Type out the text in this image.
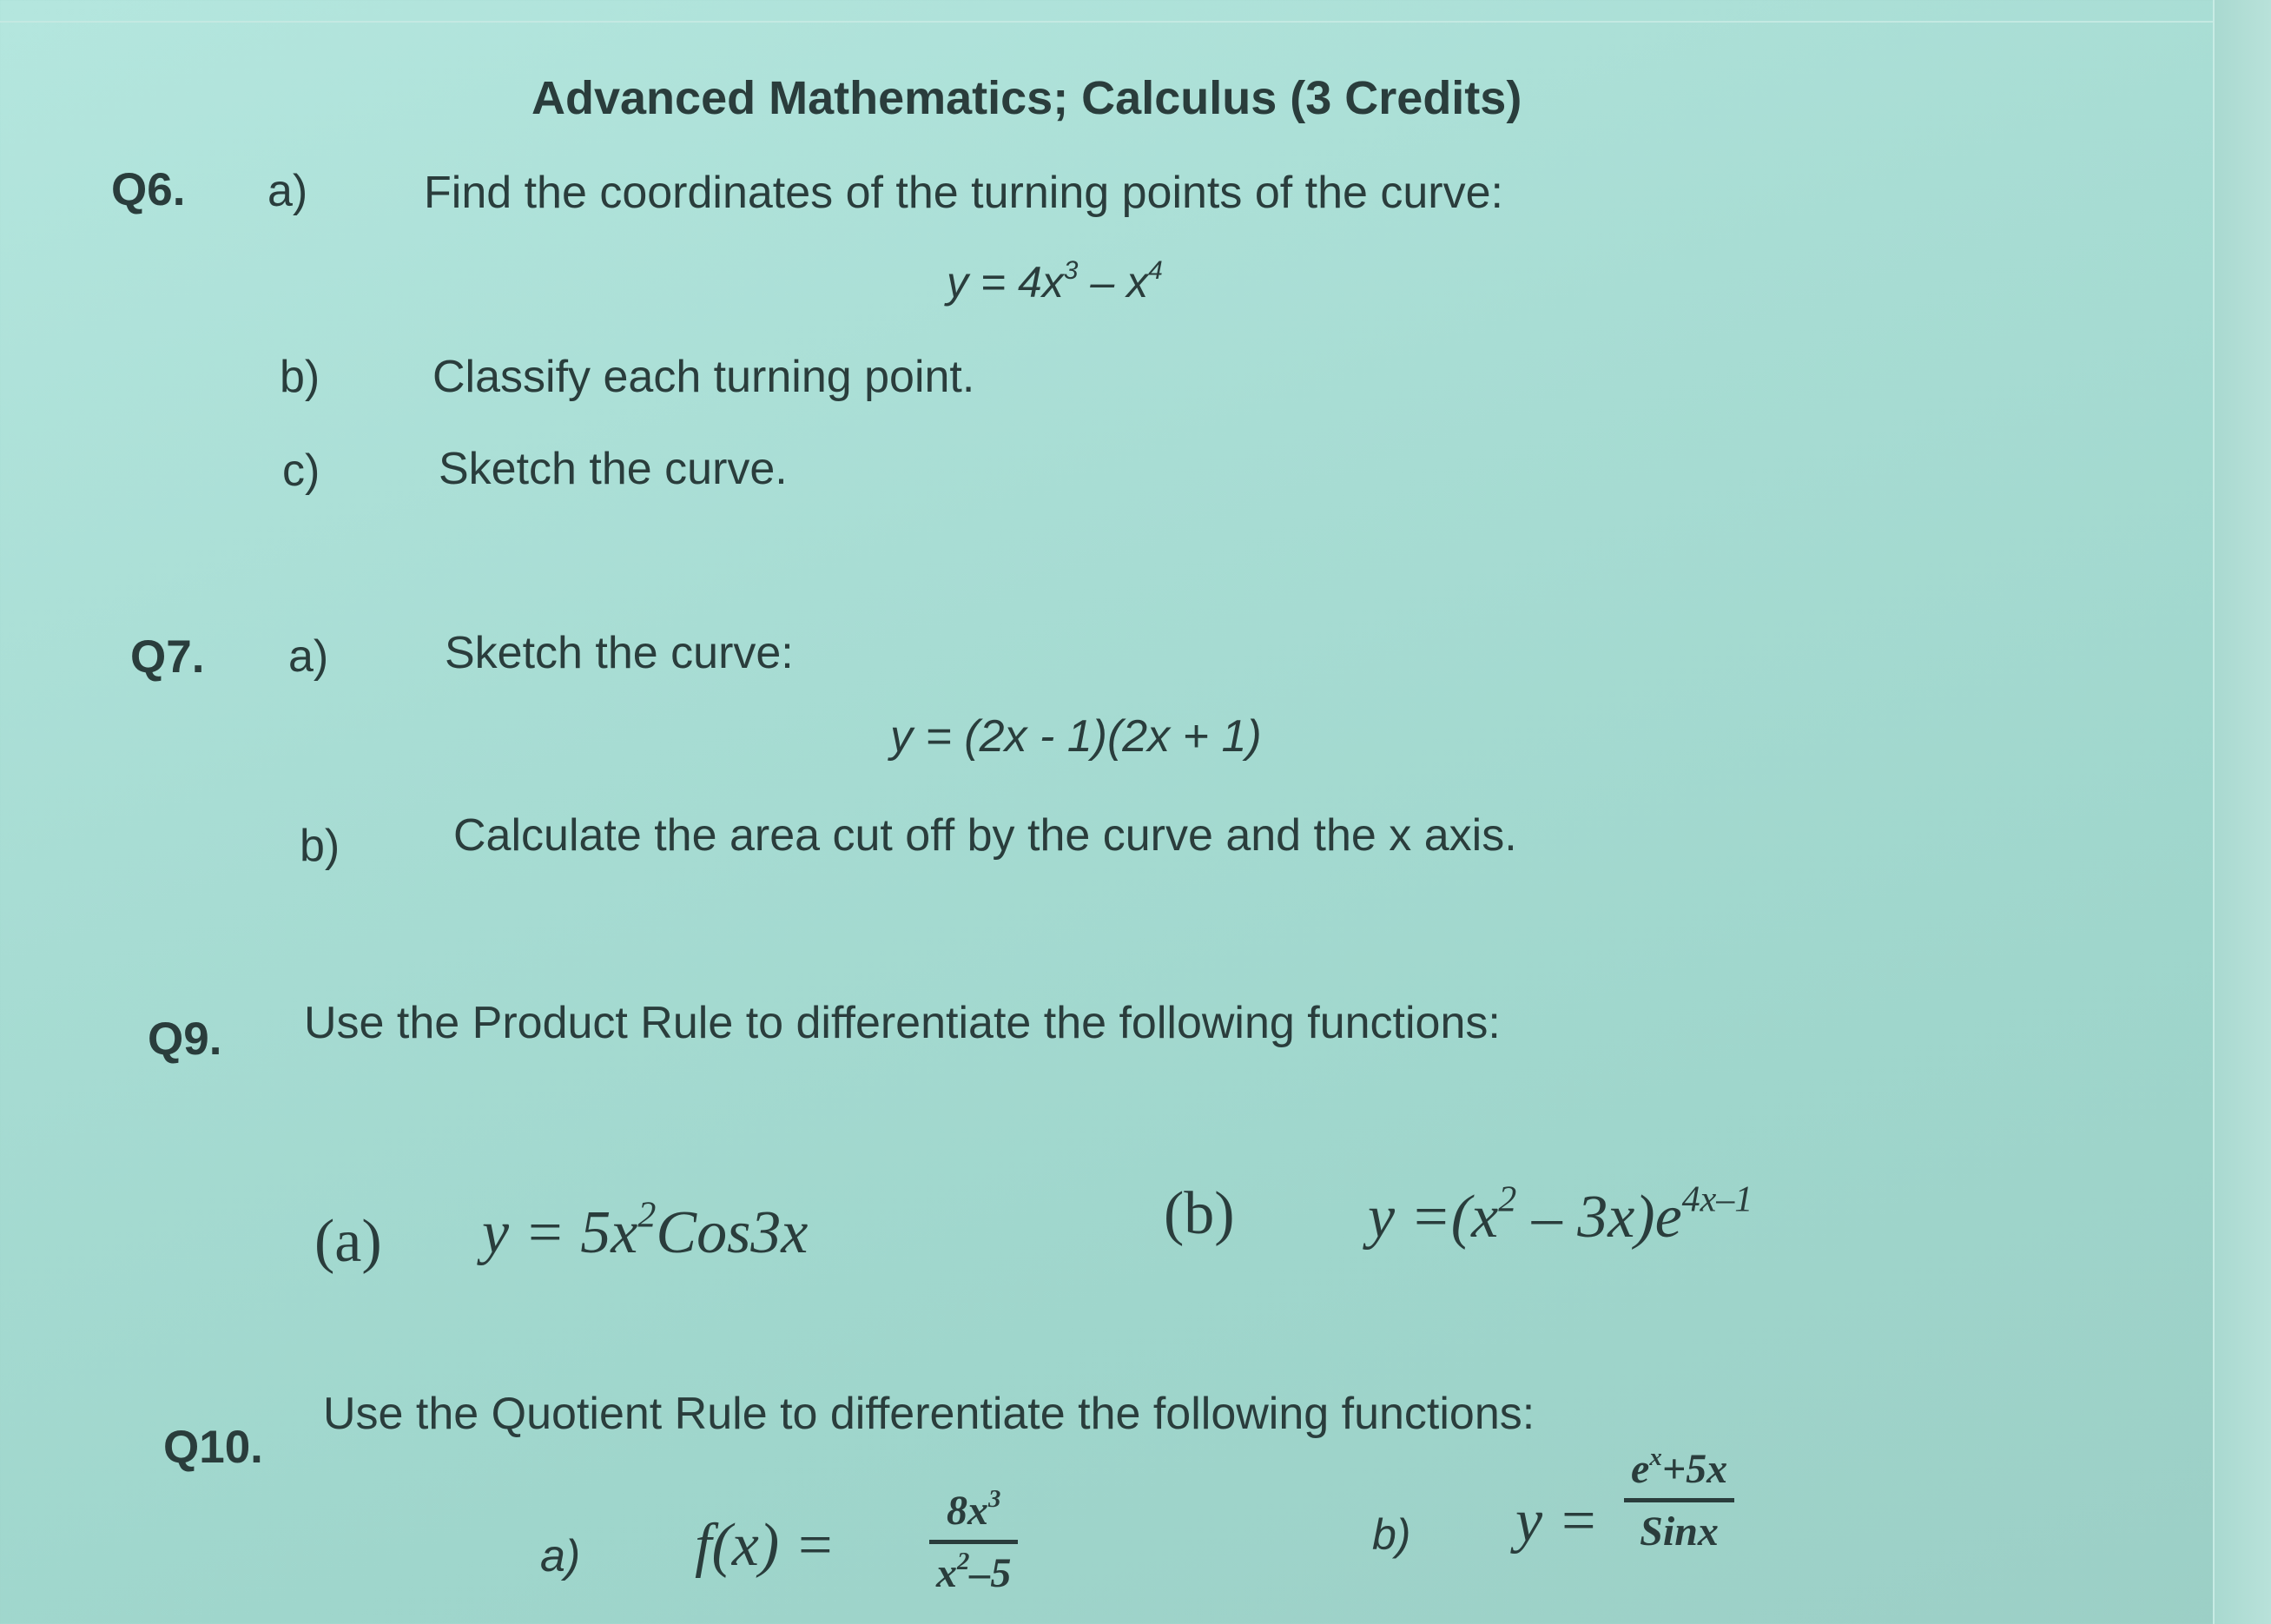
Advanced Mathematics; Calculus (3 Credits)
Q6. a)	Find the coordinates of the turning points of the curve:
$y = 4x^3 - x^4$
b) Classify each turning point.
c)	Sketch the curve.
Q7. a)	Sketch the curve:
y = (2x - 1)(2x + 1)
b)	Calculate the area cut off by the curve and the x axis.
Q9. Use the Product Rule to differentiate the following functions:
(a) $y = 5x^2Cos3x$	(b) $y =(x^2 - 3x)e^{4x-1}$
Q10.
Use the Quotient Rule to differentiate the following functions:
a) $f(x) = \frac{8x^3}{x^2-5}$	b) y =
$e^x+5x$
Sinx
